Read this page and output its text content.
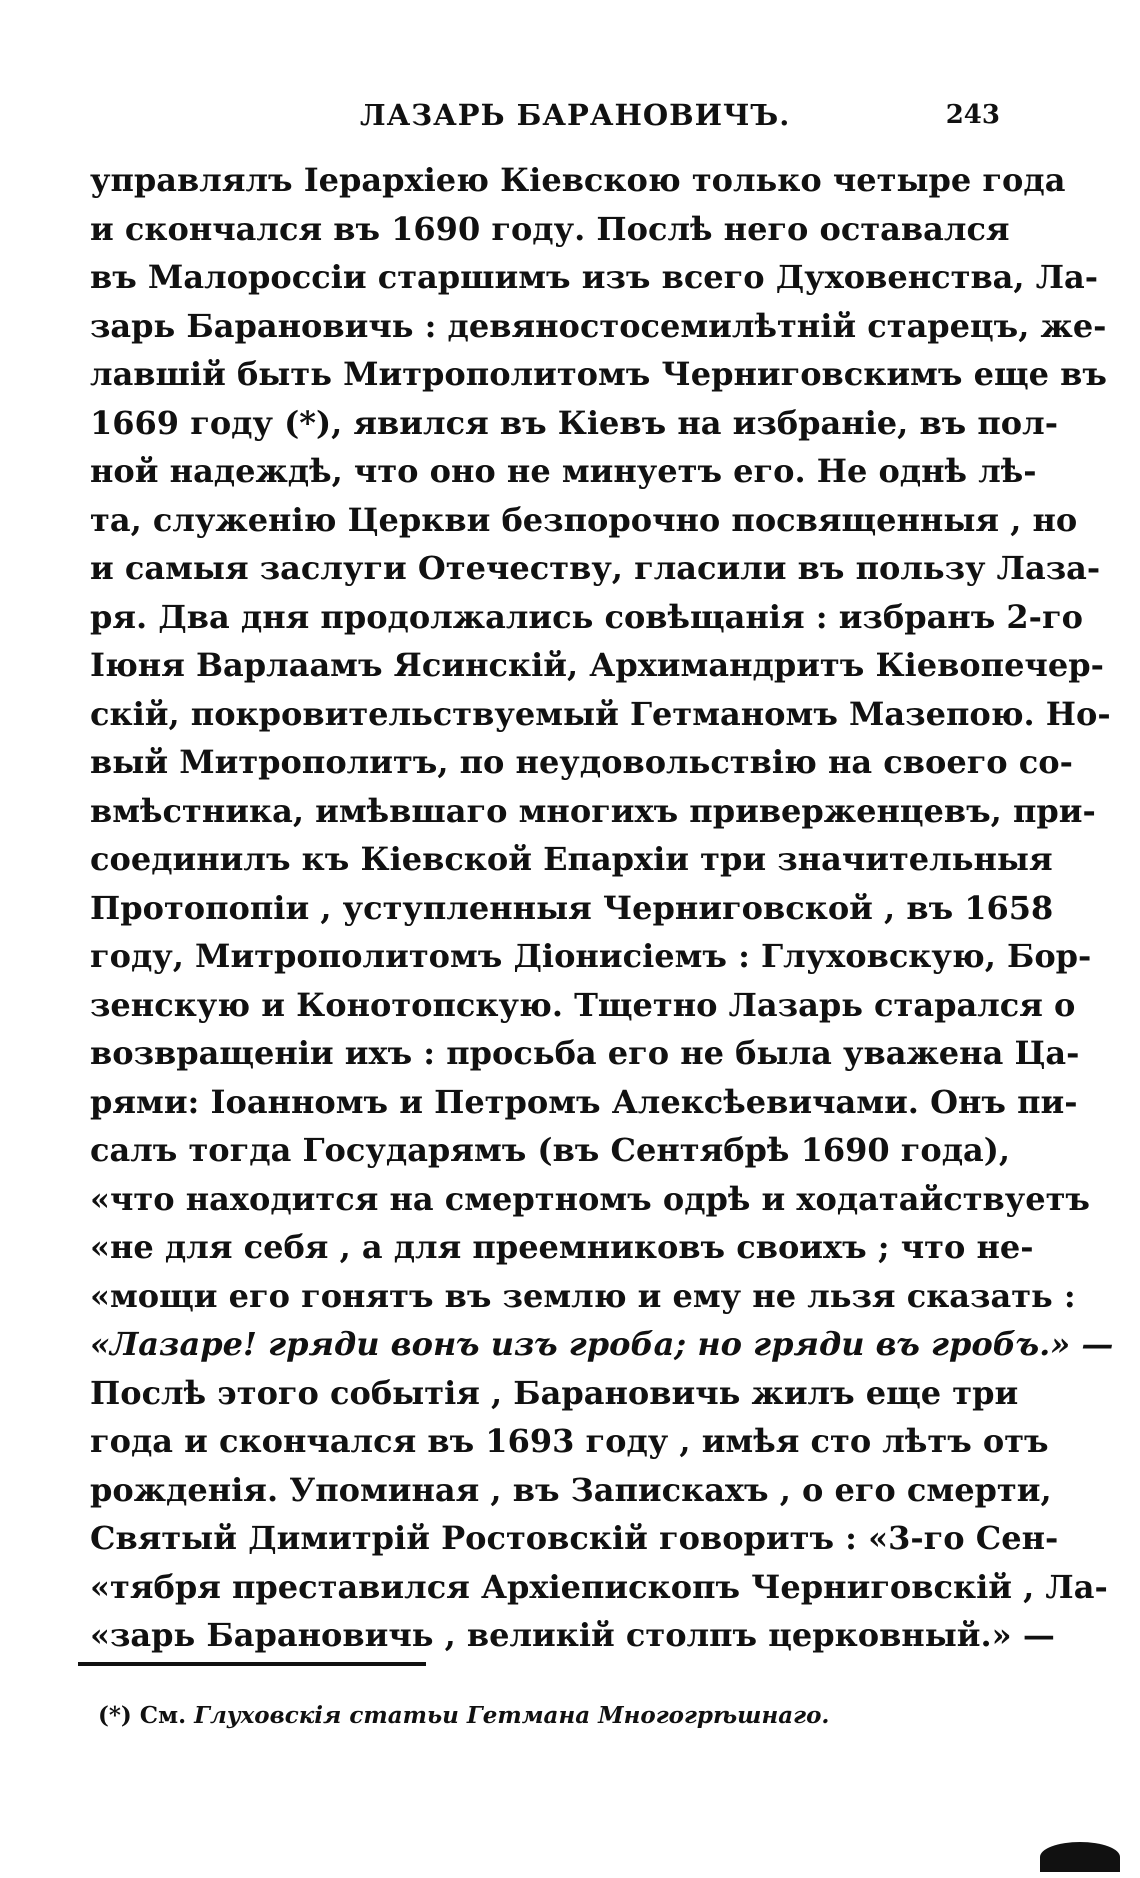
ЛАЗАРЬ БАРАНОВИЧЪ.	243
управлялъ Іерархіею Кіевскою только четыре года
и скончался въ 1690 году. Послѣ него оставался
въ Малороссіи старшимъ изъ всего Духовенства, Ла-
зарь Барановичь : девяностосемилѣтній старецъ, же-
лавшій быть Митрополитомъ Черниговскимъ еще въ
1669 году (*), явился въ Кіевъ на избраніе, въ пол-
ной надеждѣ, что оно не минуетъ его. Не однѣ лѣ-
та, служенію Церкви безпорочно посвященныя , но
и самыя заслуги Отечеству, гласили въ пользу Лаза-
ря. Два дня продолжались совѣщанія : избранъ 2-го
Іюня Варлаамъ Ясинскій, Архимандритъ Кіевопечер-
скій, покровительствуемый Гетманомъ Мазепою. Но-
вый Митрополитъ, по неудовольствію на своего со-
вмѣстника, имѣвшаго многихъ приверженцевъ, при-
соединилъ къ Кіевской Епархіи три значительныя
Протопопіи , уступленныя Черниговской , въ 1658
году, Митрополитомъ Діонисіемъ : Глуховскую, Бор-
зенскую и Конотопскую. Тщетно Лазарь старался о
возвращеніи ихъ : просьба его не была уважена Ца-
рями: Іоанномъ и Петромъ Алексѣевичами. Онъ пи-
салъ тогда Государямъ (въ Сентябрѣ 1690 года),
«что находится на смертномъ одрѣ и ходатайствуетъ
«не для себя , а для преемниковъ своихъ ; что не-
«мощи его гонятъ въ землю и ему не льзя сказать :
«Лазаре! гряди вонъ изъ гроба; но гряди въ гробъ.» —
Послѣ этого событія , Барановичь жилъ еще три
года и скончался въ 1693 году , имѣя сто лѣтъ отъ
рожденія. Упоминая , въ Запискахъ , о его смерти,
Святый Димитрій Ростовскій говоритъ : «3-го Сен-
«тября преставился Архіепископъ Черниговскій , Ла-
«зарь Барановичь , великій столпъ церковный.» —
(*) См. Глуховскія статьи Гетмана Многогрѣшнаго.
